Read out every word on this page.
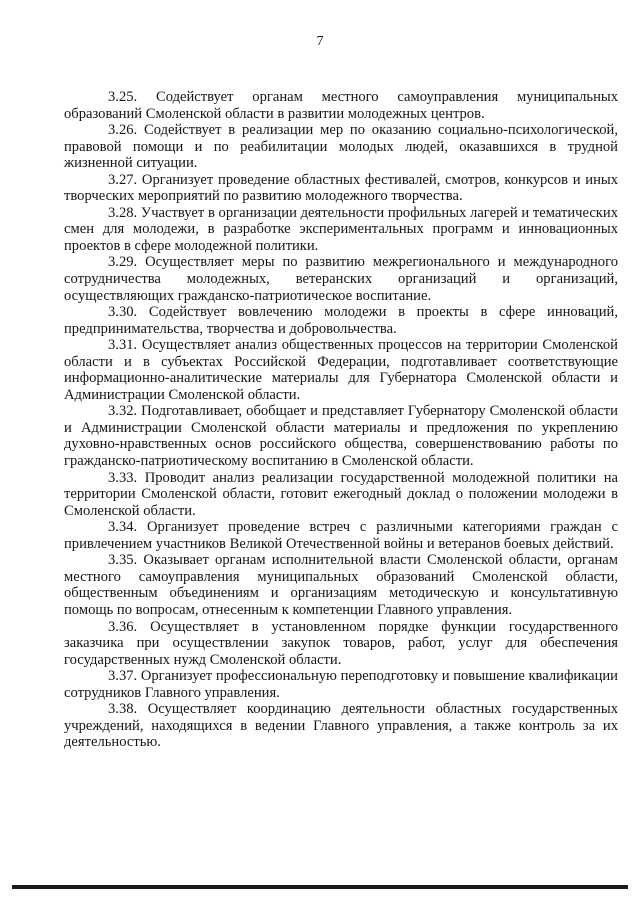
7

3.25. Содействует органам местного самоуправления муниципальных образований Смоленской области в развитии молодежных центров.

3.26. Содействует в реализации мер по оказанию социально-психологической, правовой помощи и по реабилитации молодых людей, оказавшихся в трудной жизненной ситуации.

3.27. Организует проведение областных фестивалей, смотров, конкурсов и иных творческих мероприятий по развитию молодежного творчества.

3.28. Участвует в организации деятельности профильных лагерей и тематических смен для молодежи, в разработке экспериментальных программ и инновационных проектов в сфере молодежной политики.

3.29. Осуществляет меры по развитию межрегионального и международного сотрудничества молодежных, ветеранских организаций и организаций, осуществляющих гражданско-патриотическое воспитание.

3.30. Содействует вовлечению молодежи в проекты в сфере инноваций, предпринимательства, творчества и добровольчества.

3.31. Осуществляет анализ общественных процессов на территории Смоленской области и в субъектах Российской Федерации, подготавливает соответствующие информационно-аналитические материалы для Губернатора Смоленской области и Администрации Смоленской области.

3.32. Подготавливает, обобщает и представляет Губернатору Смоленской области и Администрации Смоленской области материалы и предложения по укреплению духовно-нравственных основ российского общества, совершенствованию работы по гражданско-патриотическому воспитанию в Смоленской области.

3.33. Проводит анализ реализации государственной молодежной политики на территории Смоленской области, готовит ежегодный доклад о положении молодежи в Смоленской области.

3.34. Организует проведение встреч с различными категориями граждан с привлечением участников Великой Отечественной войны и ветеранов боевых действий.

3.35. Оказывает органам исполнительной власти Смоленской области, органам местного самоуправления муниципальных образований Смоленской области, общественным объединениям и организациям методическую и консультативную помощь по вопросам, отнесенным к компетенции Главного управления.

3.36. Осуществляет в установленном порядке функции государственного заказчика при осуществлении закупок товаров, работ, услуг для обеспечения государственных нужд Смоленской области.

3.37. Организует профессиональную переподготовку и повышение квалификации сотрудников Главного управления.

3.38. Осуществляет координацию деятельности областных государственных учреждений, находящихся в ведении Главного управления, а также контроль за их деятельностью.
